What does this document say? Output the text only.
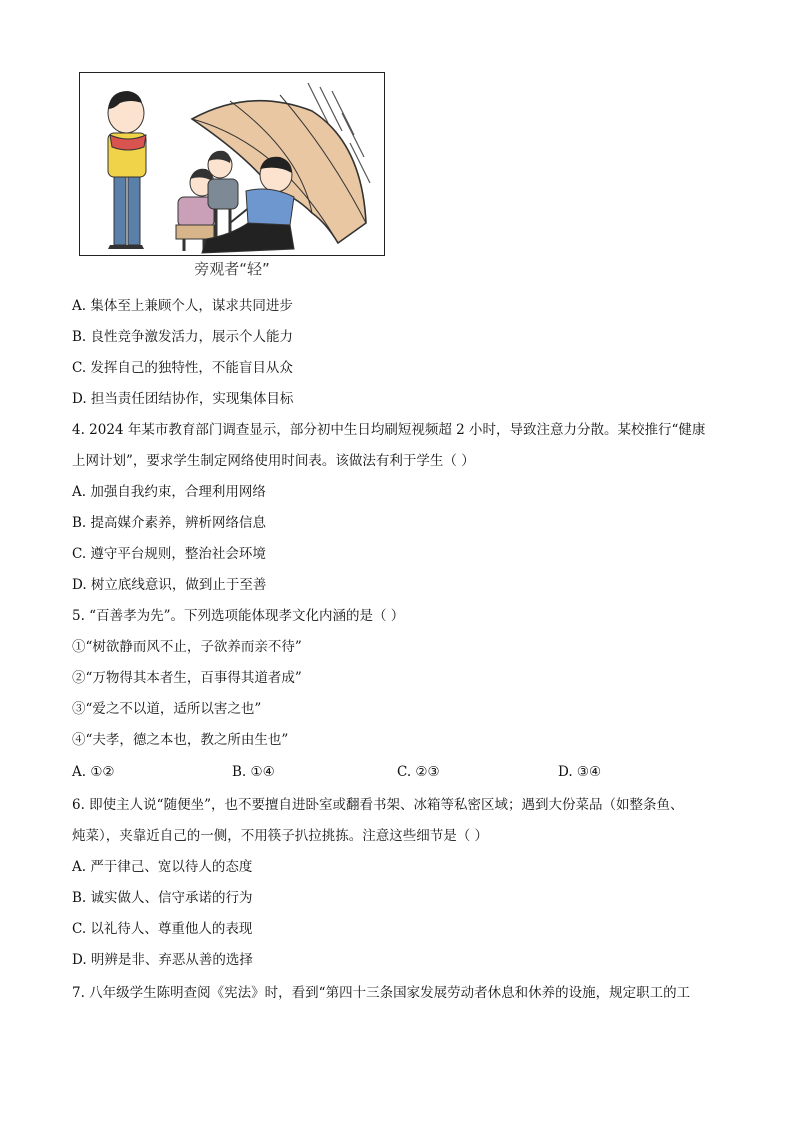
旁观者“轻”
A. 集体至上兼顾个人，谋求共同进步
B. 良性竞争激发活力，展示个人能力
C. 发挥自己的独特性，不能盲目从众
D. 担当责任团结协作，实现集体目标
4. 2024 年某市教育部门调查显示，部分初中生日均刷短视频超 2 小时，导致注意力分散。某校推行“健康
上网计划”，要求学生制定网络使用时间表。该做法有利于学生（ ）
A. 加强自我约束，合理利用网络
B. 提高媒介素养，辨析网络信息
C. 遵守平台规则，整治社会环境
D. 树立底线意识，做到止于至善
5. “百善孝为先”。下列选项能体现孝文化内涵的是（ ）
①“树欲静而风不止，子欲养而亲不待”
②“万物得其本者生，百事得其道者成”
③“爱之不以道，适所以害之也”
④“夫孝，德之本也，教之所由生也”
A. ①②	B. ①④	C. ②③	D. ③④
6. 即使主人说“随便坐”，也不要擅自进卧室或翻看书架、冰箱等私密区域；遇到大份菜品（如整条鱼、
炖菜），夹靠近自己的一侧，不用筷子扒拉挑拣。注意这些细节是（ ）
A. 严于律己、宽以待人的态度
B. 诚实做人、信守承诺的行为
C. 以礼待人、尊重他人的表现
D. 明辨是非、弃恶从善的选择
7. 八年级学生陈明查阅《宪法》时，看到“第四十三条国家发展劳动者休息和休养的设施，规定职工的工
